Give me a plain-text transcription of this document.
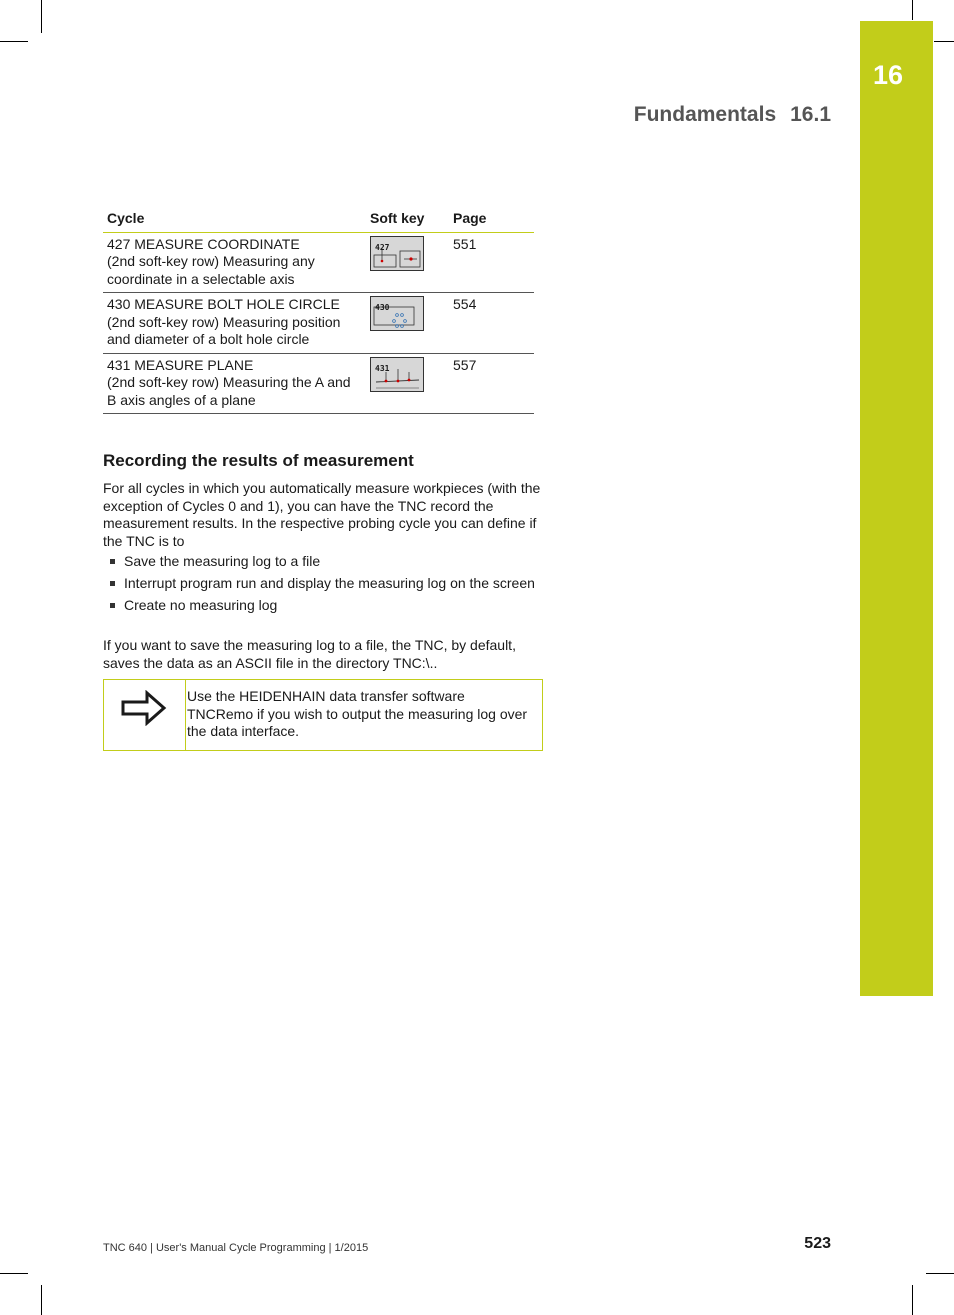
16
Fundamentals 16.1
Cycle	Soft key	Page

427 MEASURE COORDINATE
(2nd soft-key row) Measuring any coordinate in a selectable axis	427	551

430 MEASURE BOLT HOLE CIRCLE
(2nd soft-key row) Measuring position and diameter of a bolt hole circle	430	554

431 MEASURE PLANE
(2nd soft-key row) Measuring the A and B axis angles of a plane	431	557
Recording the results of measurement

For all cycles in which you automatically measure workpieces (with the exception of Cycles 0 and 1), you can have the TNC record the measurement results. In the respective probing cycle you can define if the TNC is to

Save the measuring log to a file
Interrupt program run and display the measuring log on the screen
Create no measuring log

If you want to save the measuring log to a file, the TNC, by default, saves the data as an ASCII file in the directory TNC:\..

Use the HEIDENHAIN data transfer software TNCRemo if you wish to output the measuring log over the data interface.
TNC 640 | User's Manual Cycle Programming | 1/2015	523
